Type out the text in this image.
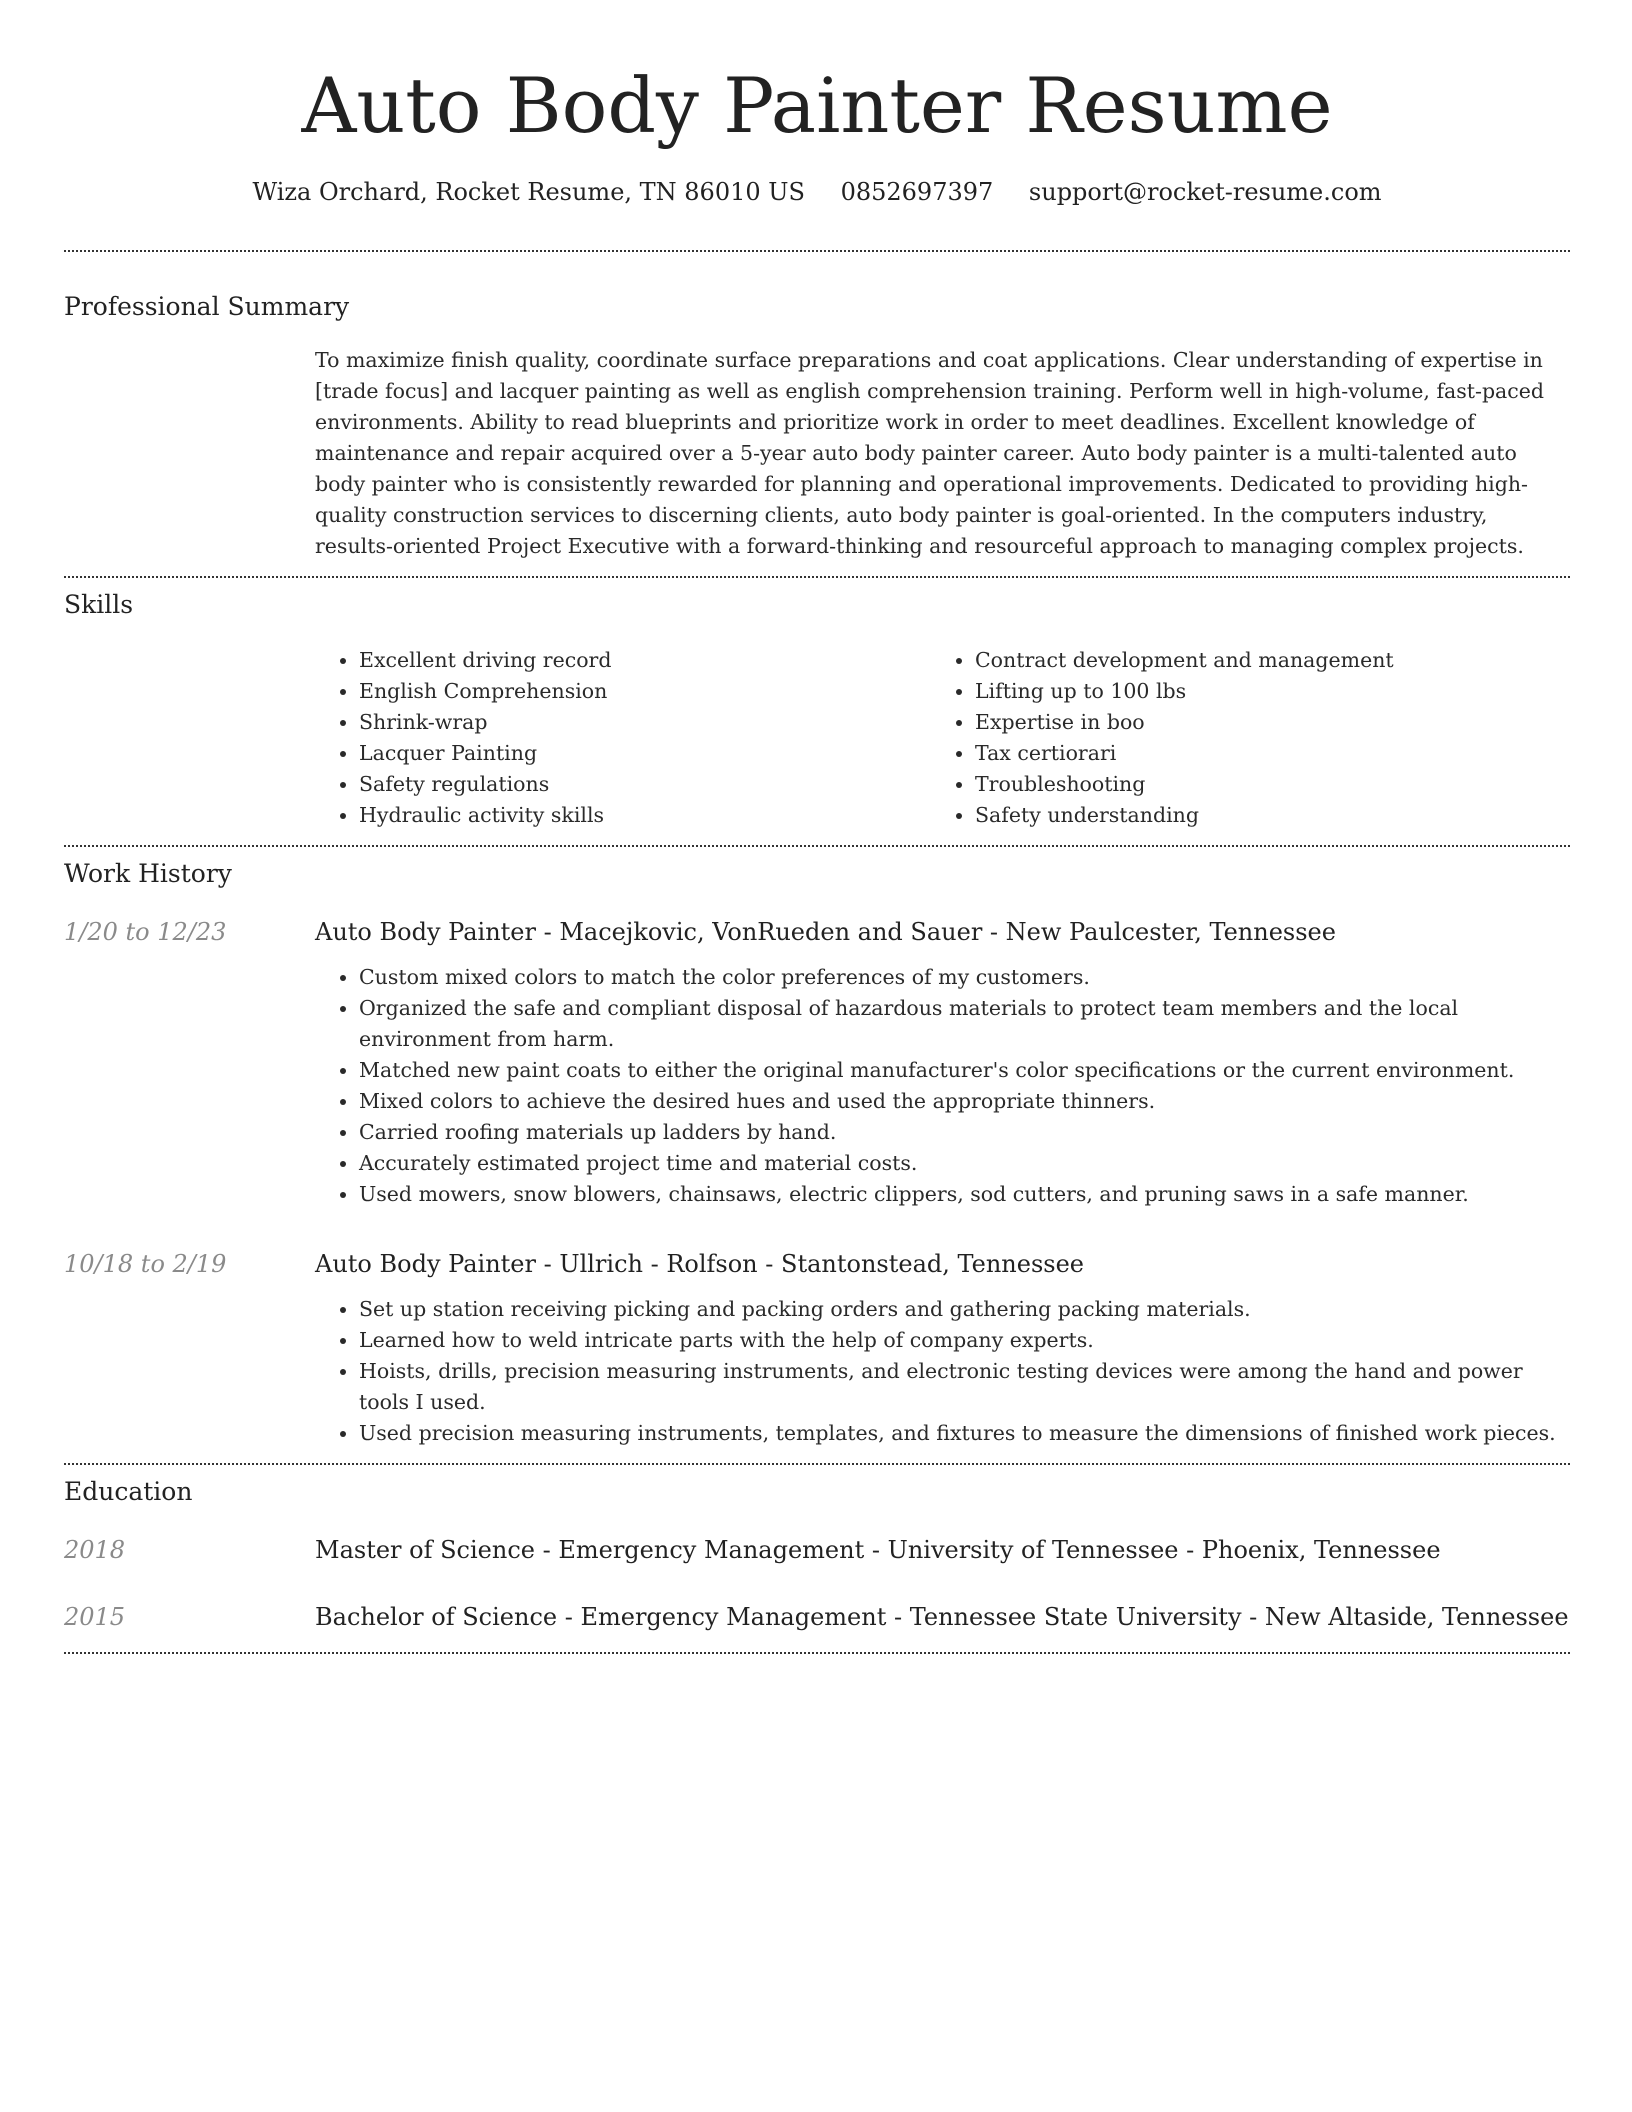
Auto Body Painter Resume
Wiza Orchard, Rocket Resume, TN 86010 US 0852697397 support@rocket-resume.com
Professional Summary

To maximize finish quality, coordinate surface preparations and coat applications. Clear understanding of expertise in [trade focus] and lacquer painting as well as english comprehension training. Perform well in high-volume, fast-paced environments. Ability to read blueprints and prioritize work in order to meet deadlines. Excellent knowledge of maintenance and repair acquired over a 5-year auto body painter career. Auto body painter is a multi-talented auto body painter who is consistently rewarded for planning and operational improvements. Dedicated to providing high-quality construction services to discerning clients, auto body painter is goal-oriented. In the computers industry, results-oriented Project Executive with a forward-thinking and resourceful approach to managing complex projects.

Skills
• Excellent driving record
• English Comprehension
• Shrink-wrap
• Lacquer Painting
• Safety regulations
• Hydraulic activity skills
• Contract development and management
• Lifting up to 100 lbs
• Expertise in boo
• Tax certiorari
• Troubleshooting
• Safety understanding
Work History
1/20 to 12/23	Auto Body Painter - Macejkovic, VonRueden and Sauer - New Paulcester, Tennessee
• Custom mixed colors to match the color preferences of my customers.
• Organized the safe and compliant disposal of hazardous materials to protect team members and the local environment from harm.
• Matched new paint coats to either the original manufacturer's color specifications or the current environment.
• Mixed colors to achieve the desired hues and used the appropriate thinners.
• Carried roofing materials up ladders by hand.
• Accurately estimated project time and material costs.
• Used mowers, snow blowers, chainsaws, electric clippers, sod cutters, and pruning saws in a safe manner.
10/18 to 2/19	Auto Body Painter - Ullrich - Rolfson - Stantonstead, Tennessee
• Set up station receiving picking and packing orders and gathering packing materials.
• Learned how to weld intricate parts with the help of company experts.
• Hoists, drills, precision measuring instruments, and electronic testing devices were among the hand and power tools I used.
• Used precision measuring instruments, templates, and fixtures to measure the dimensions of finished work pieces.
Education
2018	Master of Science - Emergency Management - University of Tennessee - Phoenix, Tennessee
2015	Bachelor of Science - Emergency Management - Tennessee State University - New Altaside, Tennessee
